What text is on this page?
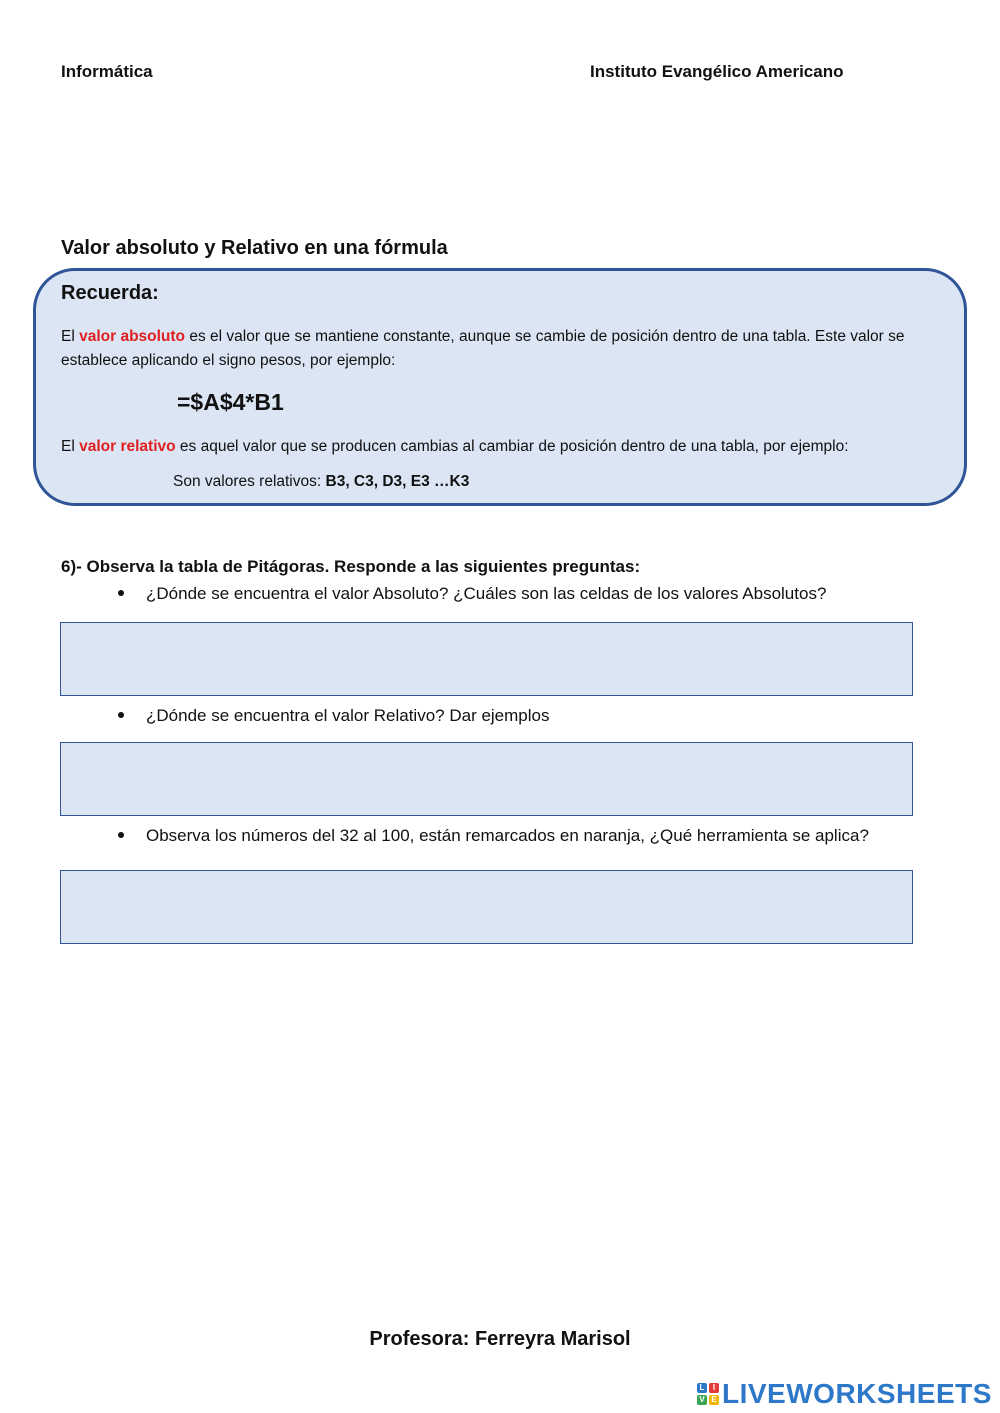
Informática	Instituto Evangélico Americano
Valor absoluto y Relativo en una fórmula
Recuerda:
El valor absoluto es el valor que se mantiene constante, aunque se cambie de posición dentro de una tabla. Este valor se establece aplicando el signo pesos, por ejemplo:
=$A$4*B1
El valor relativo es aquel valor que se producen cambias al cambiar de posición dentro de una tabla, por ejemplo:
Son valores relativos: B3, C3, D3, E3 …K3
6)- Observa la tabla de Pitágoras. Responde a las siguientes preguntas:
¿Dónde se encuentra el valor Absoluto? ¿Cuáles son las celdas de los valores Absolutos?
¿Dónde se encuentra el valor Relativo? Dar ejemplos
Observa los números del 32 al 100, están remarcados en naranja, ¿Qué herramienta se aplica?
Profesora: Ferreyra Marisol
L	I
V E LIVEWORKSHEETS
